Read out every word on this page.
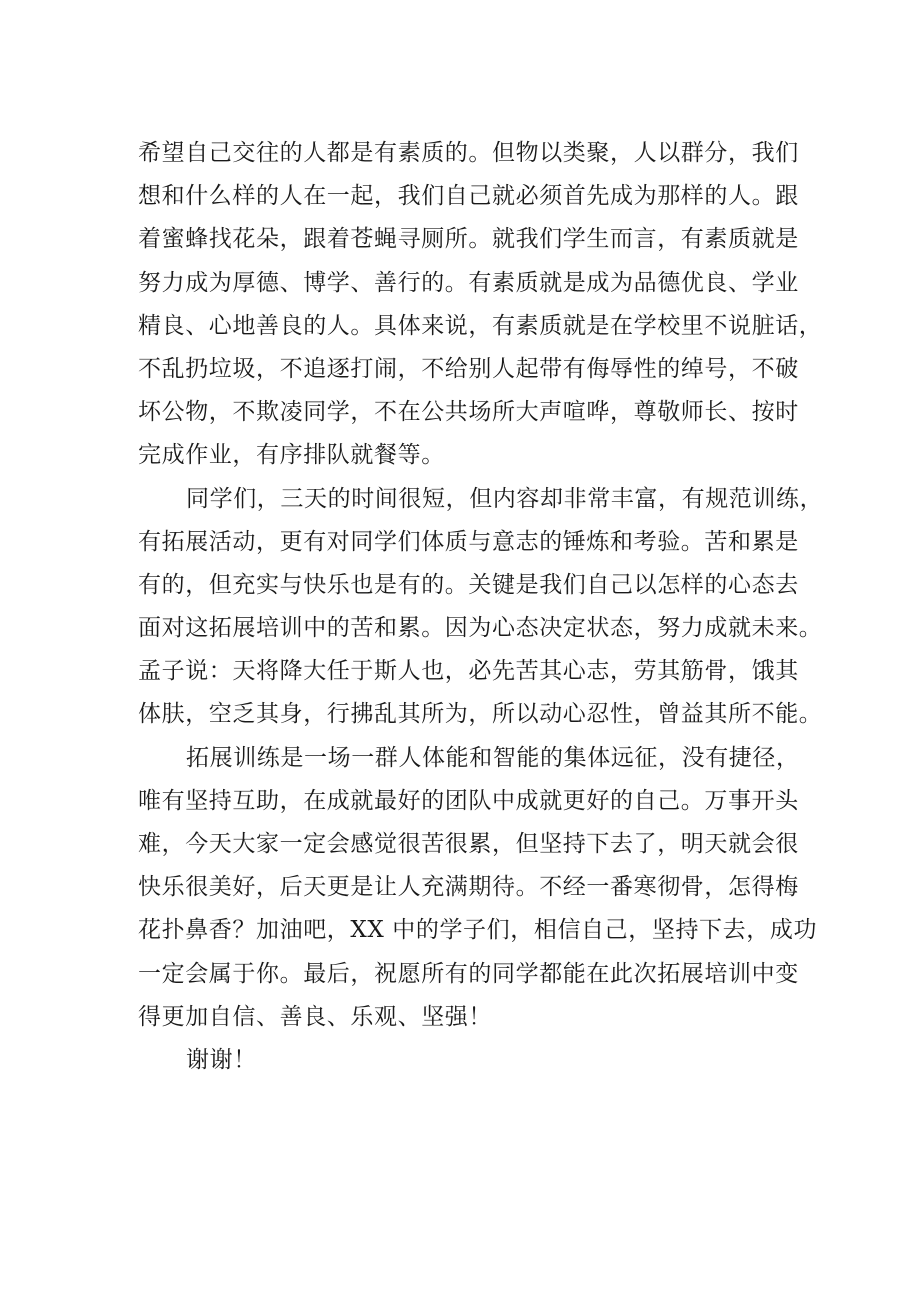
希望自己交往的人都是有素质的。但物以类聚，人以群分，我们
想和什么样的人在一起，我们自己就必须首先成为那样的人。跟
着蜜蜂找花朵，跟着苍蝇寻厕所。就我们学生而言，有素质就是
努力成为厚德、博学、善行的。有素质就是成为品德优良、学业
精良、心地善良的人。具体来说，有素质就是在学校里不说脏话，
不乱扔垃圾，不追逐打闹，不给别人起带有侮辱性的绰号，不破
坏公物，不欺凌同学，不在公共场所大声喧哗，尊敬师长、按时
完成作业，有序排队就餐等。
同学们，三天的时间很短，但内容却非常丰富，有规范训练，
有拓展活动，更有对同学们体质与意志的锤炼和考验。苦和累是
有的，但充实与快乐也是有的。关键是我们自己以怎样的心态去
面对这拓展培训中的苦和累。因为心态决定状态，努力成就未来。
孟子说：天将降大任于斯人也，必先苦其心志，劳其筋骨，饿其
体肤，空乏其身，行拂乱其所为，所以动心忍性，曾益其所不能。
拓展训练是一场一群人体能和智能的集体远征，没有捷径，
唯有坚持互助，在成就最好的团队中成就更好的自己。万事开头
难，今天大家一定会感觉很苦很累，但坚持下去了，明天就会很
快乐很美好，后天更是让人充满期待。不经一番寒彻骨，怎得梅
花扑鼻香？加油吧，XX 中的学子们，相信自己，坚持下去，成功
一定会属于你。最后，祝愿所有的同学都能在此次拓展培训中变
得更加自信、善良、乐观、坚强！
谢谢！
